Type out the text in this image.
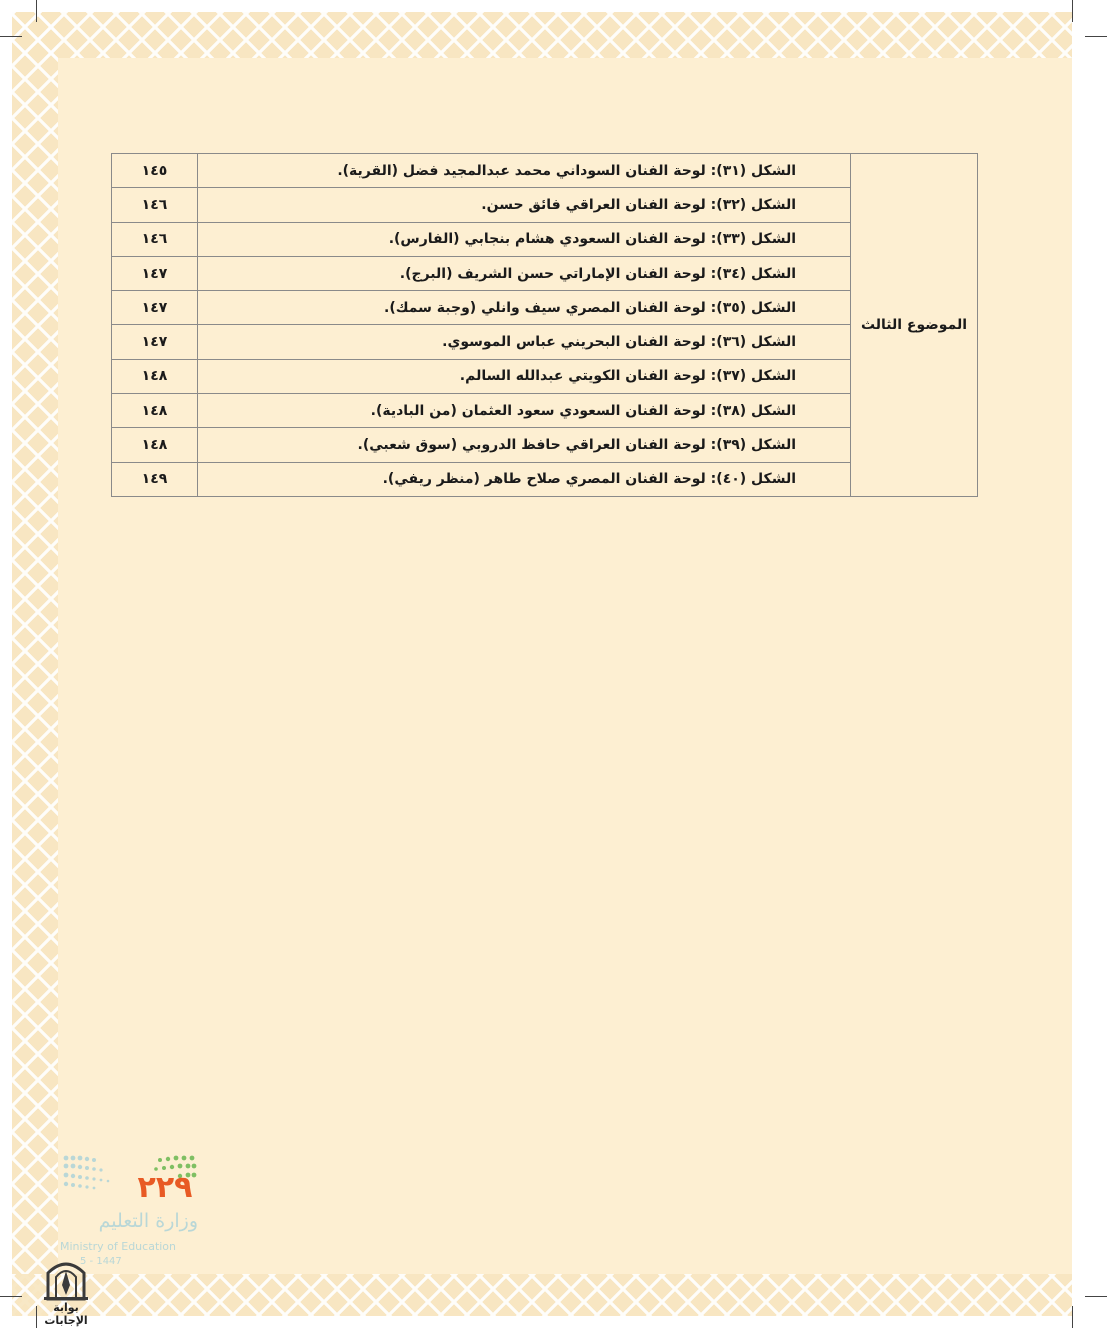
الموضوع الثالث	الشكل (٣١): لوحة الفنان السوداني محمد عبدالمجيد فضل (القرية).	١٤٥
	الشكل (٣٢): لوحة الفنان العراقي فائق حسن.	١٤٦
	الشكل (٣٣): لوحة الفنان السعودي هشام بنجابي (الفارس).	١٤٦
	الشكل (٣٤): لوحة الفنان الإماراتي حسن الشريف (البرج).	١٤٧
	الشكل (٣٥): لوحة الفنان المصري سيف وانلي (وجبة سمك).	١٤٧
	الشكل (٣٦): لوحة الفنان البحريني عباس الموسوي.	١٤٧
	الشكل (٣٧): لوحة الفنان الكويتي عبدالله السالم.	١٤٨
	الشكل (٣٨): لوحة الفنان السعودي سعود العثمان (من البادية).	١٤٨
	الشكل (٣٩): لوحة الفنان العراقي حافظ الدروبي (سوق شعبي).	١٤٨
	الشكل (٤٠): لوحة الفنان المصري صلاح طاهر (منظر ريفي).	١٤٩
٢٢٩
وزارة التعليم
Ministry of Education
5 - 1447
بوابة الإجابات
